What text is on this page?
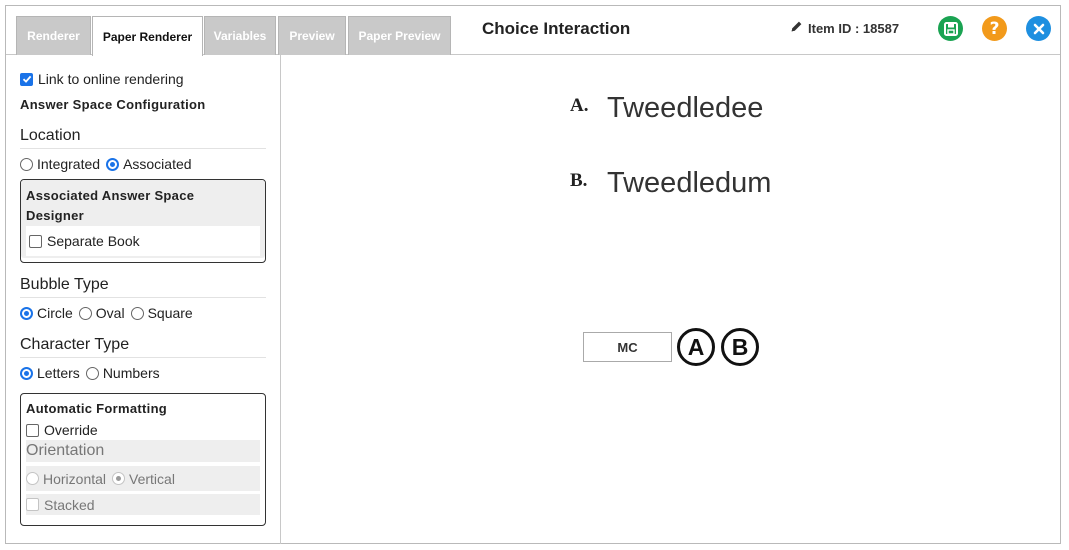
Renderer	Paper Renderer	Variables	Preview	Paper Preview	Choice Interaction	Item ID : 18587	?
Link to online rendering
Answer Space Configuration
Location
Integrated Associated
Associated Answer Space Designer
Separate Book
Bubble Type
Circle Oval Square
Character Type
Letters Numbers
Automatic Formatting
Override
Orientation
Horizontal Vertical
Stacked
A. Tweedledee
B. Tweedledum
MC	A	B
